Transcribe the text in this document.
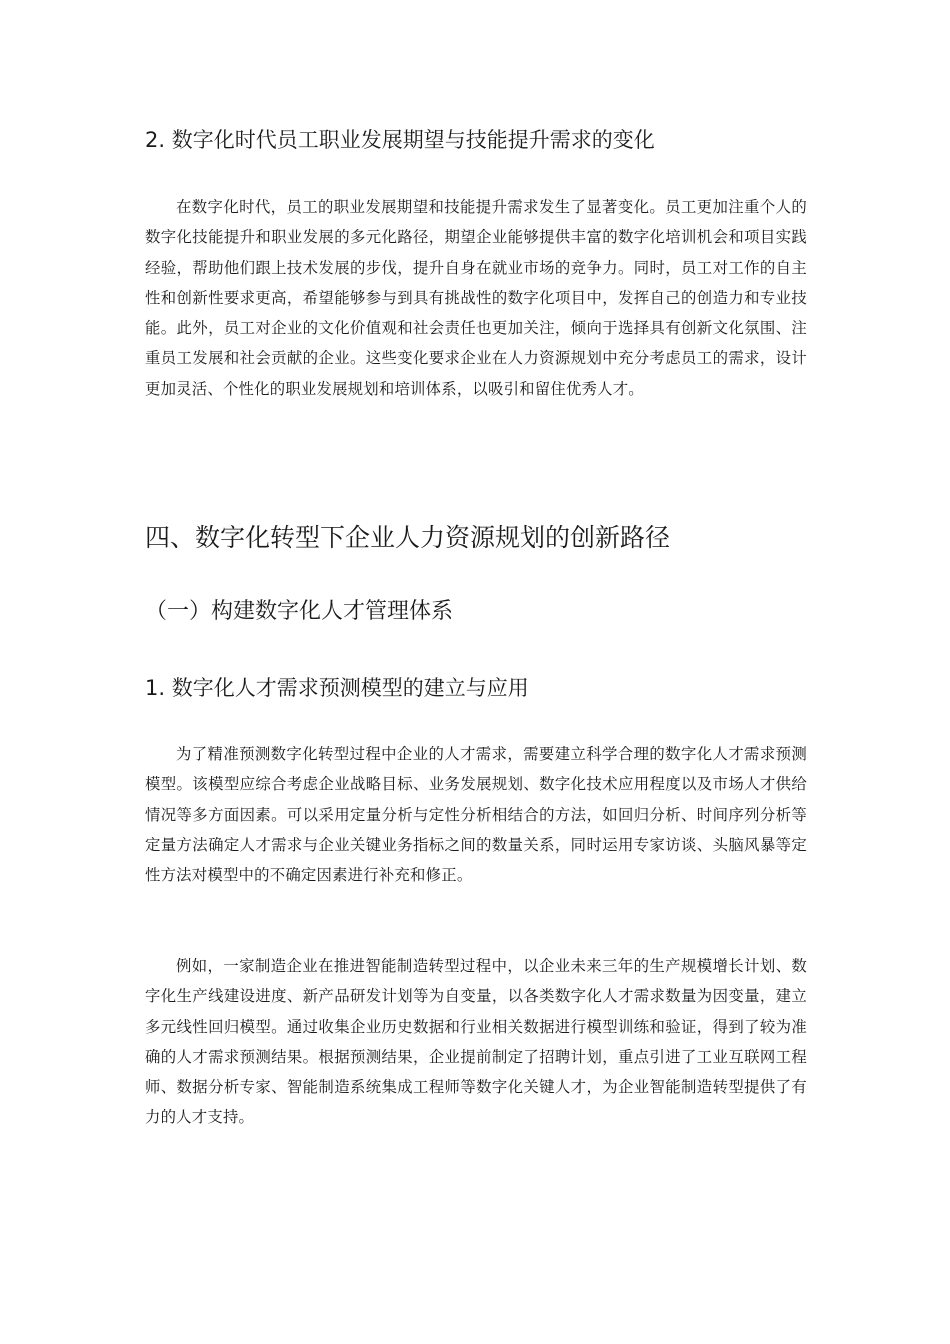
2. 数字化时代员工职业发展期望与技能提升需求的变化

在数字化时代，员工的职业发展期望和技能提升需求发生了显著变化。员工更加注重个人的数字化技能提升和职业发展的多元化路径，期望企业能够提供丰富的数字化培训机会和项目实践经验，帮助他们跟上技术发展的步伐，提升自身在就业市场的竞争力。同时，员工对工作的自主性和创新性要求更高，希望能够参与到具有挑战性的数字化项目中，发挥自己的创造力和专业技能。此外，员工对企业的文化价值观和社会责任也更加关注，倾向于选择具有创新文化氛围、注重员工发展和社会贡献的企业。这些变化要求企业在人力资源规划中充分考虑员工的需求，设计更加灵活、个性化的职业发展规划和培训体系，以吸引和留住优秀人才。

四、数字化转型下企业人力资源规划的创新路径
（一）构建数字化人才管理体系
1. 数字化人才需求预测模型的建立与应用

为了精准预测数字化转型过程中企业的人才需求，需要建立科学合理的数字化人才需求预测模型。该模型应综合考虑企业战略目标、业务发展规划、数字化技术应用程度以及市场人才供给情况等多方面因素。可以采用定量分析与定性分析相结合的方法，如回归分析、时间序列分析等定量方法确定人才需求与企业关键业务指标之间的数量关系，同时运用专家访谈、头脑风暴等定性方法对模型中的不确定因素进行补充和修正。

例如，一家制造企业在推进智能制造转型过程中，以企业未来三年的生产规模增长计划、数字化生产线建设进度、新产品研发计划等为自变量，以各类数字化人才需求数量为因变量，建立多元线性回归模型。通过收集企业历史数据和行业相关数据进行模型训练和验证，得到了较为准确的人才需求预测结果。根据预测结果，企业提前制定了招聘计划，重点引进了工业互联网工程师、数据分析专家、智能制造系统集成工程师等数字化关键人才，为企业智能制造转型提供了有力的人才支持。
